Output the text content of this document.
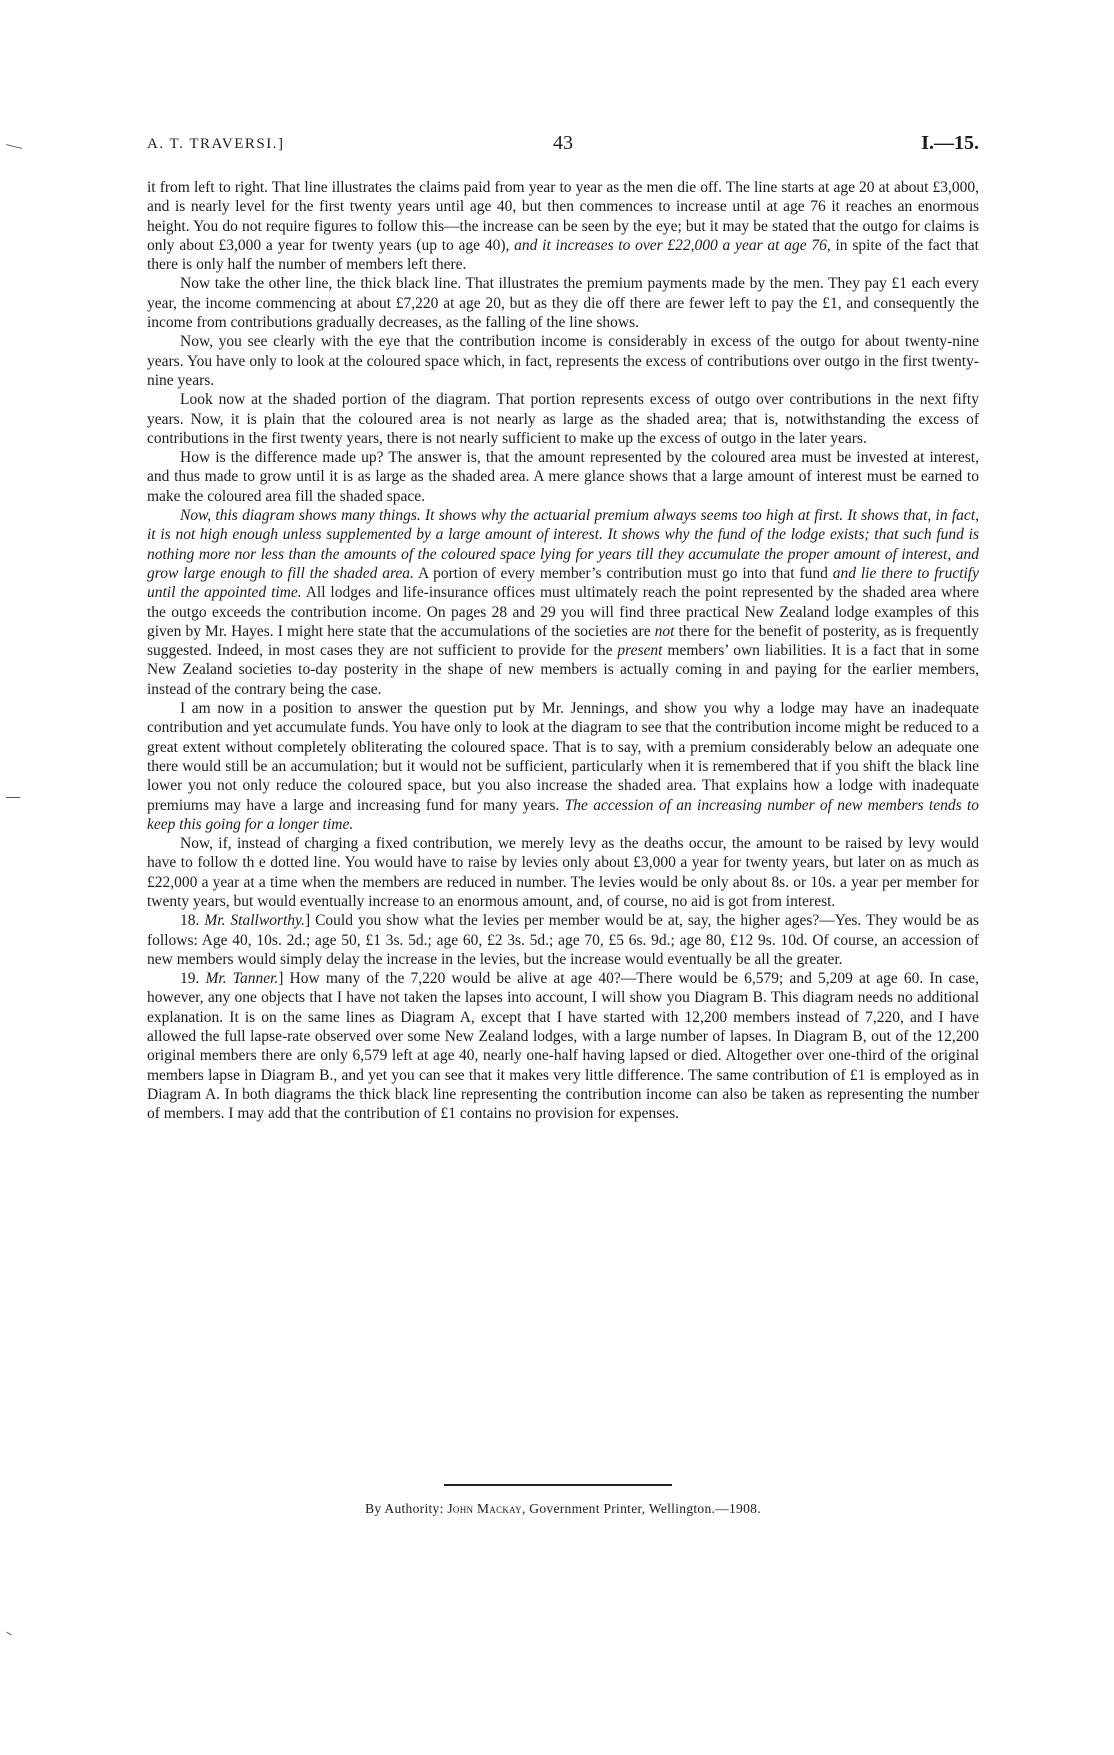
A. T. TRAVERSI.]	43	I.—15.

it from left to right. That line illustrates the claims paid from year to year as the men die off. The line starts at age 20 at about £3,000, and is nearly level for the first twenty years until age 40, but then commences to increase until at age 76 it reaches an enormous height. You do not require figures to follow this—the increase can be seen by the eye; but it may be stated that the outgo for claims is only about £3,000 a year for twenty years (up to age 40), and it increases to over £22,000 a year at age 76, in spite of the fact that there is only half the number of members left there.

Now take the other line, the thick black line. That illustrates the premium payments made by the men. They pay £1 each every year, the income commencing at about £7,220 at age 20, but as they die off there are fewer left to pay the £1, and consequently the income from contributions gradually decreases, as the falling of the line shows.

Now, you see clearly with the eye that the contribution income is considerably in excess of the outgo for about twenty-nine years. You have only to look at the coloured space which, in fact, represents the excess of contributions over outgo in the first twenty-nine years.

Look now at the shaded portion of the diagram. That portion represents excess of outgo over contributions in the next fifty years. Now, it is plain that the coloured area is not nearly as large as the shaded area; that is, notwithstanding the excess of contributions in the first twenty years, there is not nearly sufficient to make up the excess of outgo in the later years.

How is the difference made up? The answer is, that the amount represented by the coloured area must be invested at interest, and thus made to grow until it is as large as the shaded area. A mere glance shows that a large amount of interest must be earned to make the coloured area fill the shaded space.

Now, this diagram shows many things. It shows why the actuarial premium always seems too high at first. It shows that, in fact, it is not high enough unless supplemented by a large amount of interest. It shows why the fund of the lodge exists; that such fund is nothing more nor less than the amounts of the coloured space lying for years till they accumulate the proper amount of interest, and grow large enough to fill the shaded area. A portion of every member’s contribution must go into that fund and lie there to fructify until the appointed time. All lodges and life-insurance offices must ultimately reach the point represented by the shaded area where the outgo exceeds the contribution income. On pages 28 and 29 you will find three practical New Zealand lodge examples of this given by Mr. Hayes. I might here state that the accumulations of the societies are not there for the benefit of posterity, as is frequently suggested. Indeed, in most cases they are not sufficient to provide for the present members’ own liabilities. It is a fact that in some New Zealand societies to-day posterity in the shape of new members is actually coming in and paying for the earlier members, instead of the contrary being the case.

I am now in a position to answer the question put by Mr. Jennings, and show you why a lodge may have an inadequate contribution and yet accumulate funds. You have only to look at the diagram to see that the contribution income might be reduced to a great extent without completely obliterating the coloured space. That is to say, with a premium considerably below an adequate one there would still be an accumulation; but it would not be sufficient, particularly when it is remembered that if you shift the black line lower you not only reduce the coloured space, but you also increase the shaded area. That explains how a lodge with inadequate premiums may have a large and increasing fund for many years. The accession of an increasing number of new members tends to keep this going for a longer time.

Now, if, instead of charging a fixed contribution, we merely levy as the deaths occur, the amount to be raised by levy would have to follow th e dotted line. You would have to raise by levies only about £3,000 a year for twenty years, but later on as much as £22,000 a year at a time when the members are reduced in number. The levies would be only about 8s. or 10s. a year per member for twenty years, but would eventually increase to an enormous amount, and, of course, no aid is got from interest.

18. Mr. Stallworthy.] Could you show what the levies per member would be at, say, the higher ages?—Yes. They would be as follows: Age 40, 10s. 2d.; age 50, £1 3s. 5d.; age 60, £2 3s. 5d.; age 70, £5 6s. 9d.; age 80, £12 9s. 10d. Of course, an accession of new members would simply delay the increase in the levies, but the increase would eventually be all the greater.

19. Mr. Tanner.] How many of the 7,220 would be alive at age 40?—There would be 6,579; and 5,209 at age 60. In case, however, any one objects that I have not taken the lapses into account, I will show you Diagram B. This diagram needs no additional explanation. It is on the same lines as Diagram A, except that I have started with 12,200 members instead of 7,220, and I have allowed the full lapse-rate observed over some New Zealand lodges, with a large number of lapses. In Diagram B, out of the 12,200 original members there are only 6,579 left at age 40, nearly one-half having lapsed or died. Altogether over one-third of the original members lapse in Diagram B., and yet you can see that it makes very little difference. The same contribution of £1 is employed as in Diagram A. In both diagrams the thick black line representing the contribution income can also be taken as representing the number of members. I may add that the contribution of £1 contains no provision for expenses.

By Authority: John Mackay, Government Printer, Wellington.—1908.
